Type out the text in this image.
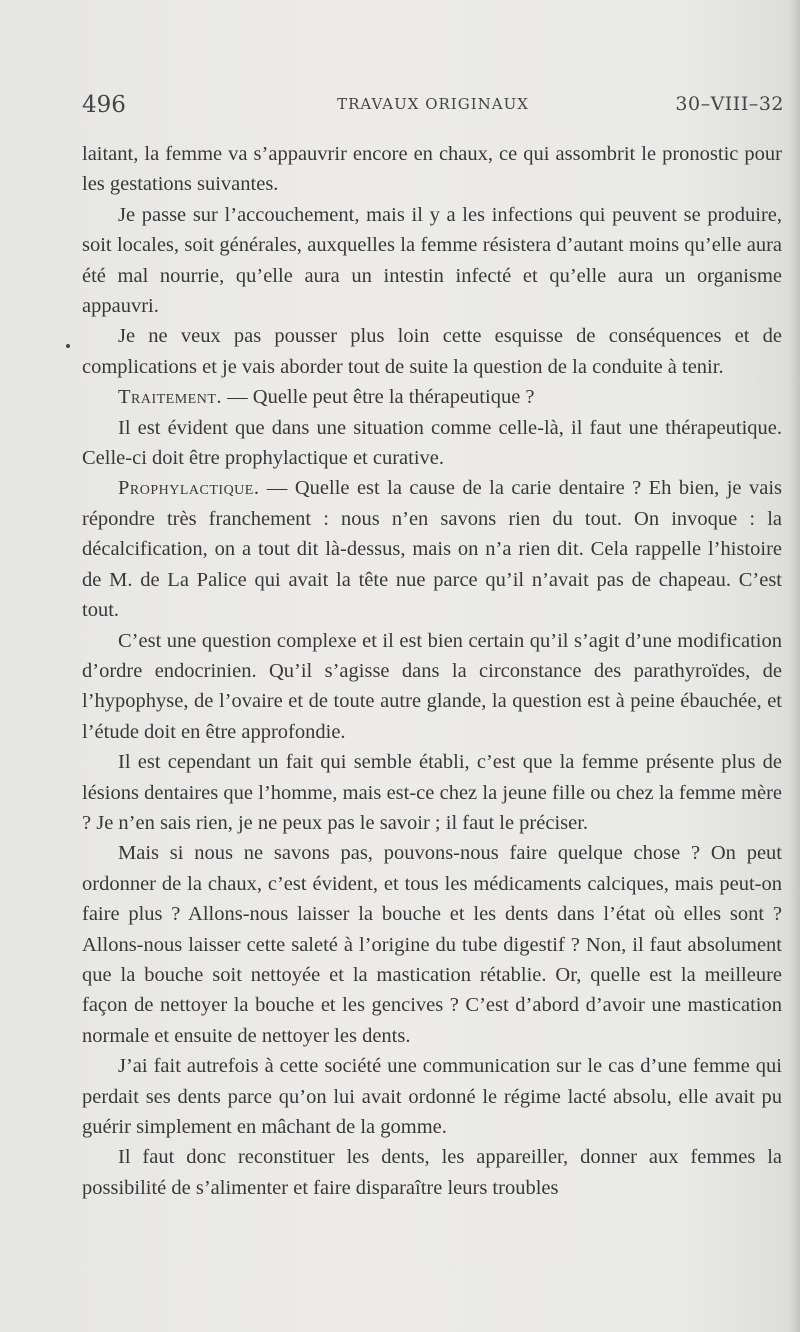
496	TRAVAUX ORIGINAUX	30–VIII–32

laitant, la femme va s’appauvrir encore en chaux, ce qui assombrit le pronostic pour les gestations suivantes.

Je passe sur l’accouchement, mais il y a les infections qui peuvent se produire, soit locales, soit générales, auxquelles la femme résistera d’autant moins qu’elle aura été mal nourrie, qu’elle aura un intestin infecté et qu’elle aura un organisme appauvri.

Je ne veux pas pousser plus loin cette esquisse de conséquences et de complications et je vais aborder tout de suite la question de la conduite à tenir.

Traitement. — Quelle peut être la thérapeutique ?

Il est évident que dans une situation comme celle-là, il faut une thérapeutique. Celle-ci doit être prophylactique et curative.

Prophylactique. — Quelle est la cause de la carie dentaire ? Eh bien, je vais répondre très franchement : nous n’en savons rien du tout. On invoque : la décalcification, on a tout dit là-dessus, mais on n’a rien dit. Cela rappelle l’histoire de M. de La Palice qui avait la tête nue parce qu’il n’avait pas de chapeau. C’est tout.

C’est une question complexe et il est bien certain qu’il s’agit d’une modification d’ordre endocrinien. Qu’il s’agisse dans la circonstance des parathyroïdes, de l’hypophyse, de l’ovaire et de toute autre glande, la question est à peine ébauchée, et l’étude doit en être approfondie.

Il est cependant un fait qui semble établi, c’est que la femme présente plus de lésions dentaires que l’homme, mais est-ce chez la jeune fille ou chez la femme mère ? Je n’en sais rien, je ne peux pas le savoir ; il faut le préciser.

Mais si nous ne savons pas, pouvons-nous faire quelque chose ? On peut ordonner de la chaux, c’est évident, et tous les médicaments calciques, mais peut-on faire plus ? Allons-nous laisser la bouche et les dents dans l’état où elles sont ? Allons-nous laisser cette saleté à l’origine du tube digestif ? Non, il faut absolument que la bouche soit nettoyée et la mastication rétablie. Or, quelle est la meilleure façon de nettoyer la bouche et les gencives ? C’est d’abord d’avoir une mastication normale et ensuite de nettoyer les dents.

J’ai fait autrefois à cette société une communication sur le cas d’une femme qui perdait ses dents parce qu’on lui avait ordonné le régime lacté absolu, elle avait pu guérir simplement en mâchant de la gomme.

Il faut donc reconstituer les dents, les appareiller, donner aux femmes la possibilité de s’alimenter et faire disparaître leurs troubles
